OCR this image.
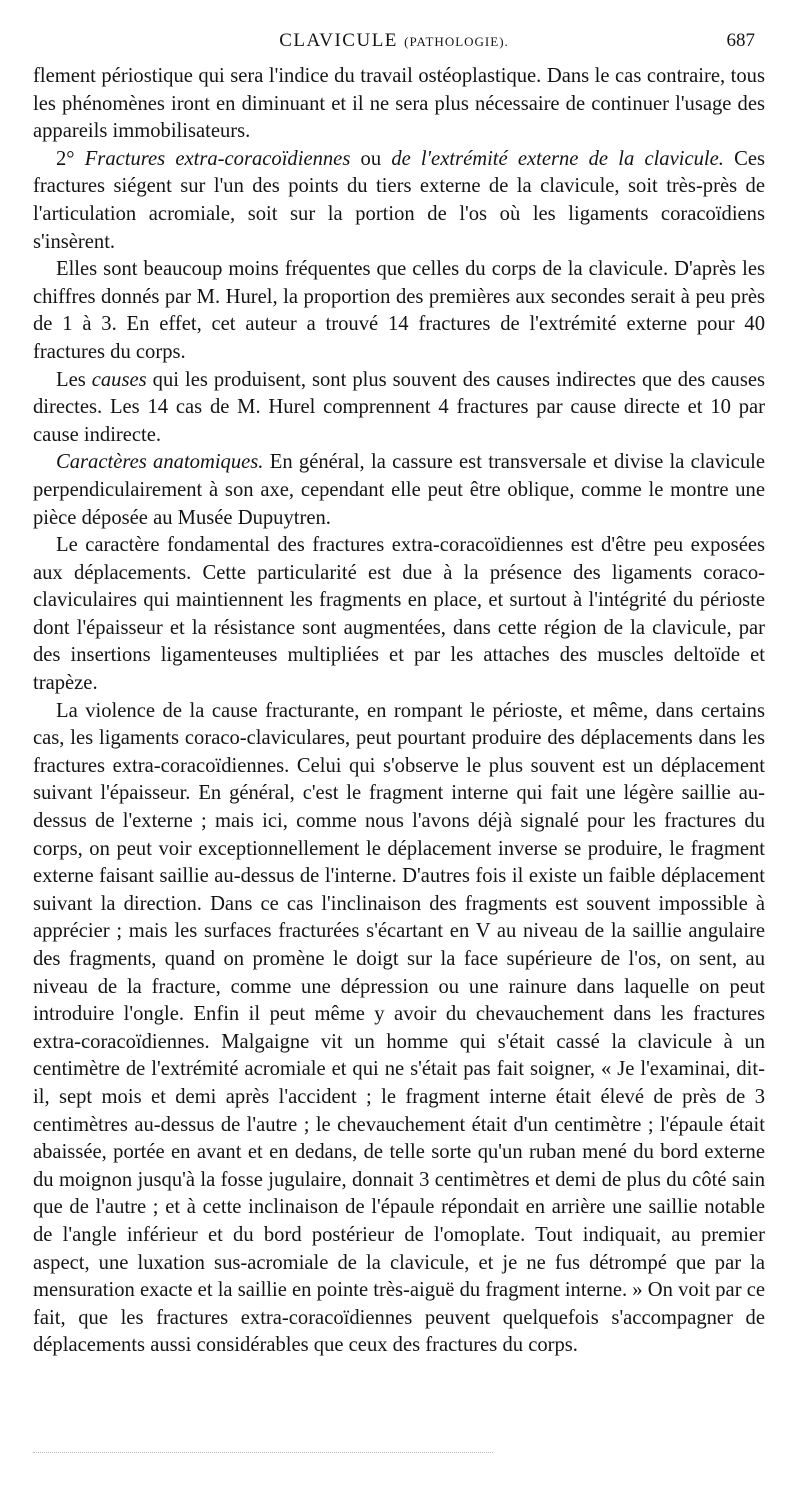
CLAVICULE (PATHOLOGIE).	687

flement périostique qui sera l'indice du travail ostéoplastique. Dans le cas contraire, tous les phénomènes iront en diminuant et il ne sera plus nécessaire de continuer l'usage des appareils immobilisateurs.

2° Fractures extra-coracoïdiennes ou de l'extrémité externe de la clavicule. Ces fractures siégent sur l'un des points du tiers externe de la clavicule, soit très-près de l'articulation acromiale, soit sur la portion de l'os où les ligaments coracoïdiens s'insèrent.

Elles sont beaucoup moins fréquentes que celles du corps de la clavicule. D'après les chiffres donnés par M. Hurel, la proportion des premières aux secondes serait à peu près de 1 à 3. En effet, cet auteur a trouvé 14 fractures de l'extrémité externe pour 40 fractures du corps.

Les causes qui les produisent, sont plus souvent des causes indirectes que des causes directes. Les 14 cas de M. Hurel comprennent 4 fractures par cause directe et 10 par cause indirecte.

Caractères anatomiques. En général, la cassure est transversale et divise la clavicule perpendiculairement à son axe, cependant elle peut être oblique, comme le montre une pièce déposée au Musée Dupuytren.

Le caractère fondamental des fractures extra-coracoïdiennes est d'être peu exposées aux déplacements. Cette particularité est due à la présence des ligaments coraco-claviculaires qui maintiennent les fragments en place, et surtout à l'intégrité du périoste dont l'épaisseur et la résistance sont augmentées, dans cette région de la clavicule, par des insertions ligamenteuses multipliées et par les attaches des muscles deltoïde et trapèze.

La violence de la cause fracturante, en rompant le périoste, et même, dans certains cas, les ligaments coraco-claviculares, peut pourtant produire des déplacements dans les fractures extra-coracoïdiennes. Celui qui s'observe le plus souvent est un déplacement suivant l'épaisseur. En général, c'est le fragment interne qui fait une légère saillie au-dessus de l'externe ; mais ici, comme nous l'avons déjà signalé pour les fractures du corps, on peut voir exceptionnellement le déplacement inverse se produire, le fragment externe faisant saillie au-dessus de l'interne. D'autres fois il existe un faible déplacement suivant la direction. Dans ce cas l'inclinaison des fragments est souvent impossible à apprécier ; mais les surfaces fracturées s'écartant en V au niveau de la saillie angulaire des fragments, quand on promène le doigt sur la face supérieure de l'os, on sent, au niveau de la fracture, comme une dépression ou une rainure dans laquelle on peut introduire l'ongle. Enfin il peut même y avoir du chevauchement dans les fractures extra-coracoïdiennes. Malgaigne vit un homme qui s'était cassé la clavicule à un centimètre de l'extrémité acromiale et qui ne s'était pas fait soigner, « Je l'examinai, dit-il, sept mois et demi après l'accident ; le fragment interne était élevé de près de 3 centimètres au-dessus de l'autre ; le chevauchement était d'un centimètre ; l'épaule était abaissée, portée en avant et en dedans, de telle sorte qu'un ruban mené du bord externe du moignon jusqu'à la fosse jugulaire, donnait 3 centimètres et demi de plus du côté sain que de l'autre ; et à cette inclinaison de l'épaule répondait en arrière une saillie notable de l'angle inférieur et du bord postérieur de l'omoplate. Tout indiquait, au premier aspect, une luxation sus-acromiale de la clavicule, et je ne fus détrompé que par la mensuration exacte et la saillie en pointe très-aiguë du fragment interne. » On voit par ce fait, que les fractures extra-coracoïdiennes peuvent quelquefois s'accompagner de déplacements aussi considérables que ceux des fractures du corps.
